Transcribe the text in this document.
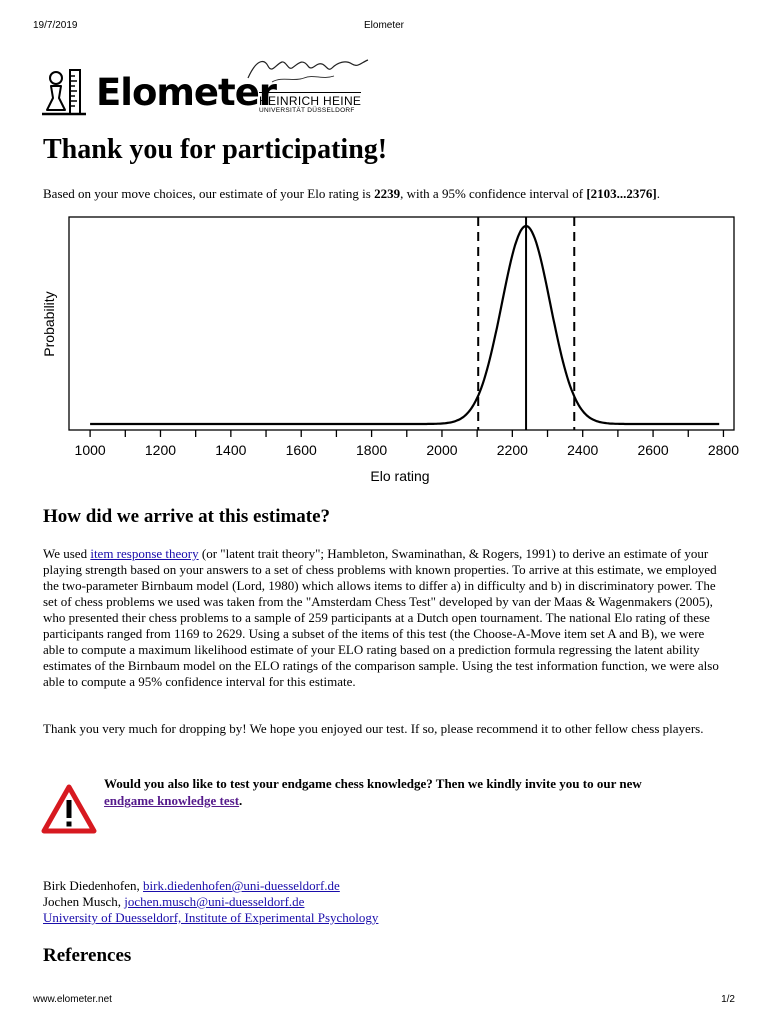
19/7/2019	Elometer
Elometer
HEINRICH HEINE
UNIVERSITÄT DÜSSELDORF
Thank you for participating!
Based on your move choices, our estimate of your Elo rating is 2239, with a 95% confidence interval of [2103...2376].
1000	1200	1400	1600	1800	2000	2200	2400	2600	2800
Elo rating
Probability
How did we arrive at this estimate?

We used item response theory (or "latent trait theory"; Hambleton, Swaminathan, & Rogers, 1991) to derive an estimate of your playing strength based on your answers to a set of chess problems with known properties. To arrive at this estimate, we employed the two-parameter Birnbaum model (Lord, 1980) which allows items to differ a) in difficulty and b) in discriminatory power. The set of chess problems we used was taken from the "Amsterdam Chess Test" developed by van der Maas & Wagenmakers (2005), who presented their chess problems to a sample of 259 participants at a Dutch open tournament. The national Elo rating of these participants ranged from 1169 to 2629. Using a subset of the items of this test (the Choose-A-Move item set A and B), we were able to compute a maximum likelihood estimate of your ELO rating based on a prediction formula regressing the latent ability estimates of the Birnbaum model on the ELO ratings of the comparison sample. Using the test information function, we were also able to compute a 95% confidence interval for this estimate.

Thank you very much for dropping by! We hope you enjoyed our test. If so, please recommend it to other fellow chess players.

Would you also like to test your endgame chess knowledge? Then we kindly invite you to our new endgame knowledge test.
Birk Diedenhofen, birk.diedenhofen@uni-duesseldorf.de
Jochen Musch, jochen.musch@uni-duesseldorf.de
University of Duesseldorf, Institute of Experimental Psychology
References
www.elometer.net	1/2
